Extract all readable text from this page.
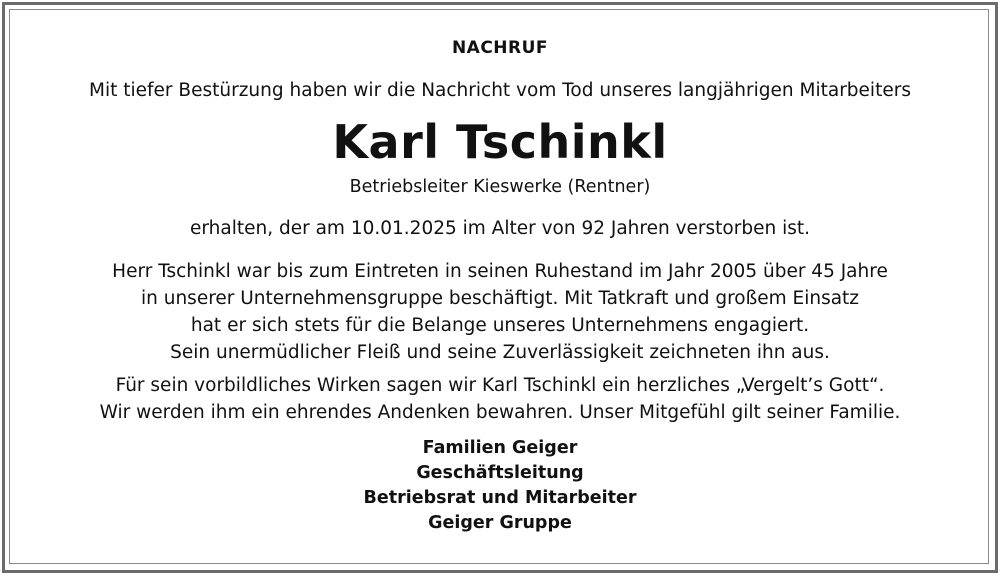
NACHRUF
Mit tiefer Bestürzung haben wir die Nachricht vom Tod unseres langjährigen Mitarbeiters
Karl Tschinkl
Betriebsleiter Kieswerke (Rentner)
erhalten, der am 10.01.2025 im Alter von 92 Jahren verstorben ist.
Herr Tschinkl war bis zum Eintreten in seinen Ruhestand im Jahr 2005 über 45 Jahre
in unserer Unternehmensgruppe beschäftigt. Mit Tatkraft und großem Einsatz
hat er sich stets für die Belange unseres Unternehmens engagiert.
Sein unermüdlicher Fleiß und seine Zuverlässigkeit zeichneten ihn aus.
Für sein vorbildliches Wirken sagen wir Karl Tschinkl ein herzliches „Vergelt’s Gott“.
Wir werden ihm ein ehrendes Andenken bewahren. Unser Mitgefühl gilt seiner Familie.
Familien Geiger
Geschäftsleitung
Betriebsrat und Mitarbeiter
Geiger Gruppe
